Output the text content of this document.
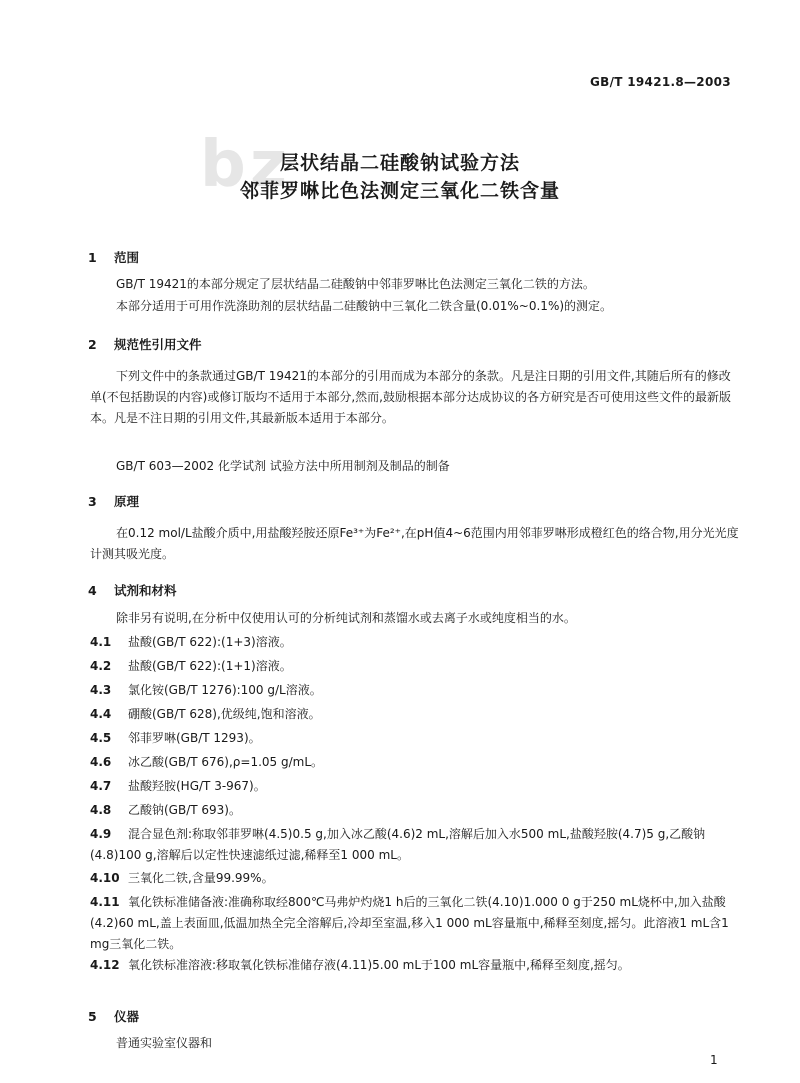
bz
GB/T 19421.8—2003
层状结晶二硅酸钠试验方法
邻菲罗啉比色法测定三氧化二铁含量
1 范围
GB/T 19421的本部分规定了层状结晶二硅酸钠中邻菲罗啉比色法测定三氧化二铁的方法。
本部分适用于可用作洗涤助剂的层状结晶二硅酸钠中三氧化二铁含量(0.01%~0.1%)的测定。
2 规范性引用文件
下列文件中的条款通过GB/T 19421的本部分的引用而成为本部分的条款。凡是注日期的引用文件,其随后所有的修改单(不包括勘误的内容)或修订版均不适用于本部分,然而,鼓励根据本部分达成协议的各方研究是否可使用这些文件的最新版本。凡是不注日期的引用文件,其最新版本适用于本部分。
GB/T 603—2002 化学试剂 试验方法中所用制剂及制品的制备
3 原理
在0.12 mol/L盐酸介质中,用盐酸羟胺还原Fe³⁺为Fe²⁺,在pH值4~6范围内用邻菲罗啉形成橙红色的络合物,用分光光度计测其吸光度。
4 试剂和材料
除非另有说明,在分析中仅使用认可的分析纯试剂和蒸馏水或去离子水或纯度相当的水。
4.1 盐酸(GB/T 622):(1+3)溶液。
4.2 盐酸(GB/T 622):(1+1)溶液。
4.3 氯化铵(GB/T 1276):100 g/L溶液。
4.4 硼酸(GB/T 628),优级纯,饱和溶液。
4.5 邻菲罗啉(GB/T 1293)。
4.6 冰乙酸(GB/T 676),ρ=1.05 g/mL。
4.7 盐酸羟胺(HG/T 3-967)。
4.8 乙酸钠(GB/T 693)。
4.9 混合显色剂:称取邻菲罗啉(4.5)0.5 g,加入冰乙酸(4.6)2 mL,溶解后加入水500 mL,盐酸羟胺(4.7)5 g,乙酸钠(4.8)100 g,溶解后以定性快速滤纸过滤,稀释至1 000 mL。
4.10 三氧化二铁,含量99.99%。
4.11 氧化铁标准储备液:准确称取经800℃马弗炉灼烧1 h后的三氧化二铁(4.10)1.000 0 g于250 mL烧杯中,加入盐酸(4.2)60 mL,盖上表面皿,低温加热全完全溶解后,冷却至室温,移入1 000 mL容量瓶中,稀释至刻度,摇匀。此溶液1 mL含1 mg三氧化二铁。
4.12 氧化铁标准溶液:移取氧化铁标准储存液(4.11)5.00 mL于100 mL容量瓶中,稀释至刻度,摇匀。
5 仪器
普通实验室仪器和
1
